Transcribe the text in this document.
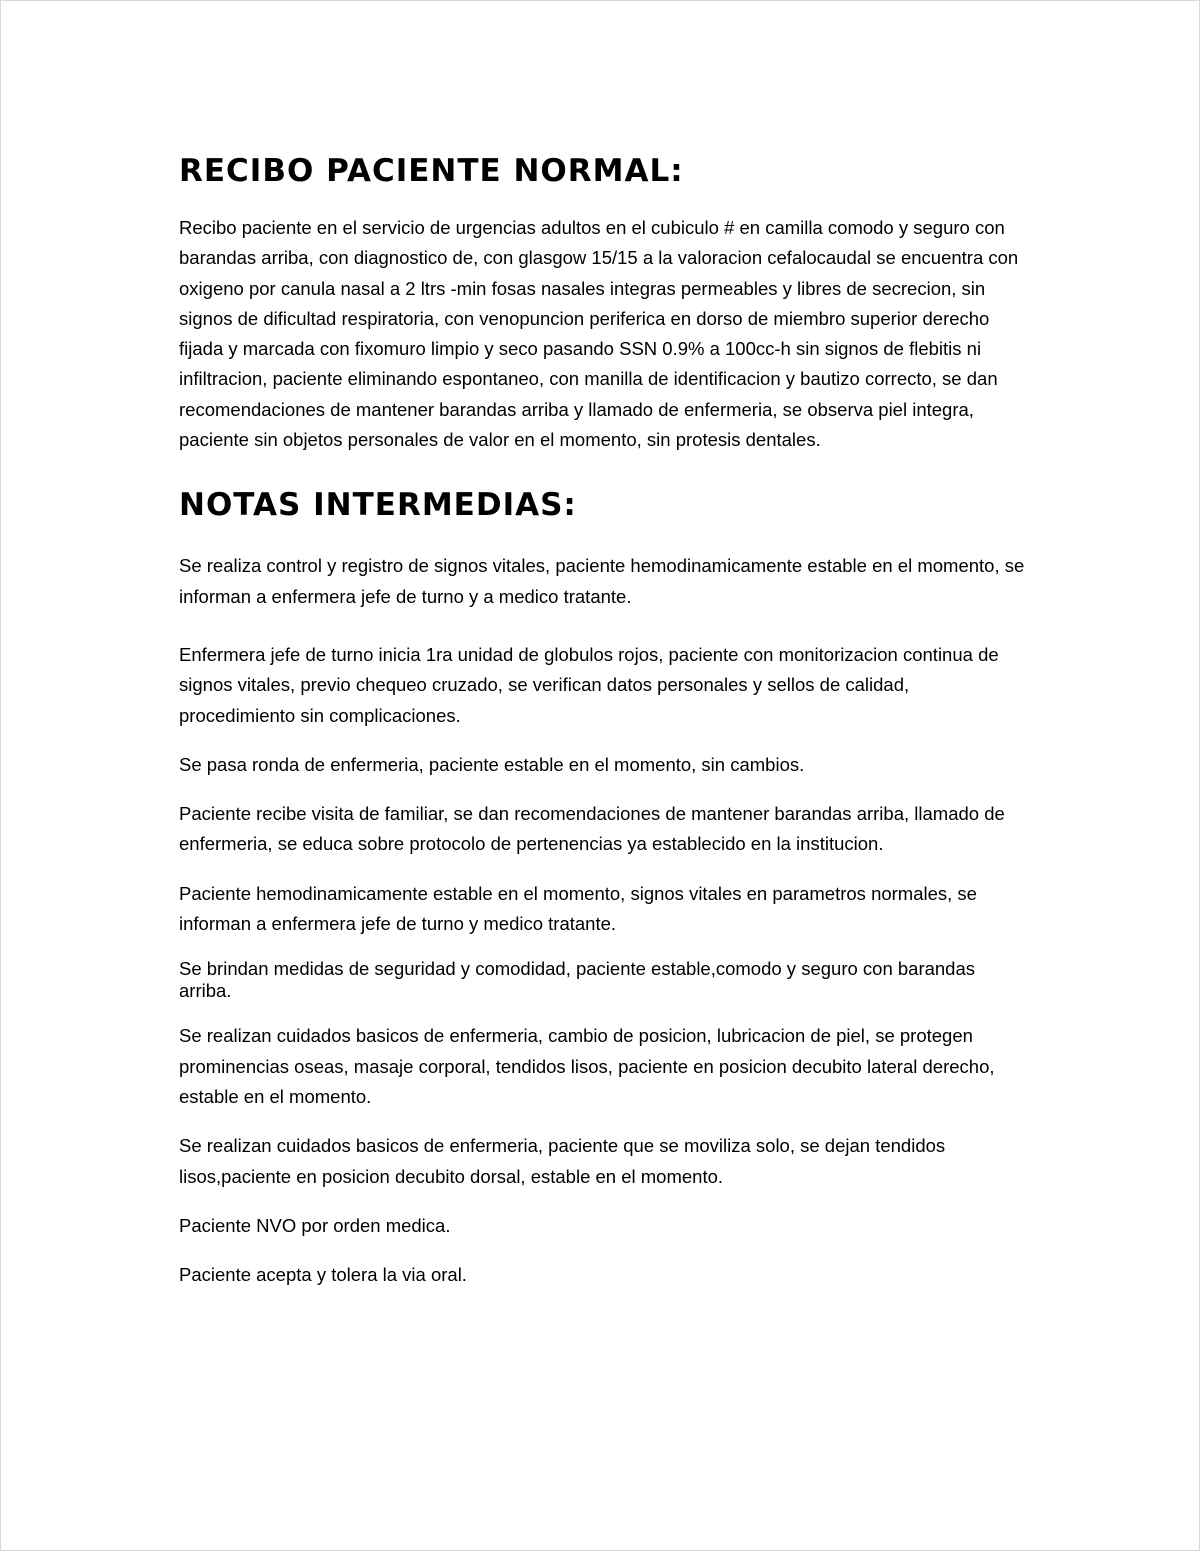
RECIBO PACIENTE NORMAL:

Recibo paciente en el servicio de urgencias adultos en el cubiculo # en camilla comodo y seguro con barandas arriba, con diagnostico de, con glasgow 15/15 a la valoracion cefalocaudal se encuentra con oxigeno por canula nasal a 2 ltrs -min fosas nasales integras permeables y libres de secrecion, sin signos de dificultad respiratoria, con venopuncion periferica en dorso de miembro superior derecho fijada y marcada con fixomuro limpio y seco pasando SSN 0.9% a 100cc-h sin signos de flebitis ni infiltracion, paciente eliminando espontaneo, con manilla de identificacion y bautizo correcto, se dan recomendaciones de mantener barandas arriba y llamado de enfermeria, se observa piel integra, paciente sin objetos personales de valor en el momento, sin protesis dentales.

NOTAS INTERMEDIAS:

Se realiza control y registro de signos vitales, paciente hemodinamicamente estable en el momento, se informan a enfermera jefe de turno y a medico tratante.

Enfermera jefe de turno inicia 1ra unidad de globulos rojos, paciente con monitorizacion continua de signos vitales, previo chequeo cruzado, se verifican datos personales y sellos de calidad, procedimiento sin complicaciones.

Se pasa ronda de enfermeria, paciente estable en el momento, sin cambios.

Paciente recibe visita de familiar, se dan recomendaciones de mantener barandas arriba, llamado de enfermeria, se educa sobre protocolo de pertenencias ya establecido en la institucion.

Paciente hemodinamicamente estable en el momento, signos vitales en parametros normales, se informan a enfermera jefe de turno y medico tratante.

Se brindan medidas de seguridad y comodidad, paciente estable,comodo y seguro con barandas arriba.

Se realizan cuidados basicos de enfermeria, cambio de posicion, lubricacion de piel, se protegen prominencias oseas, masaje corporal, tendidos lisos, paciente en posicion decubito lateral derecho, estable en el momento.

Se realizan cuidados basicos de enfermeria, paciente que se moviliza solo, se dejan tendidos lisos,paciente en posicion decubito dorsal, estable en el momento.

Paciente NVO por orden medica.

Paciente acepta y tolera la via oral.
